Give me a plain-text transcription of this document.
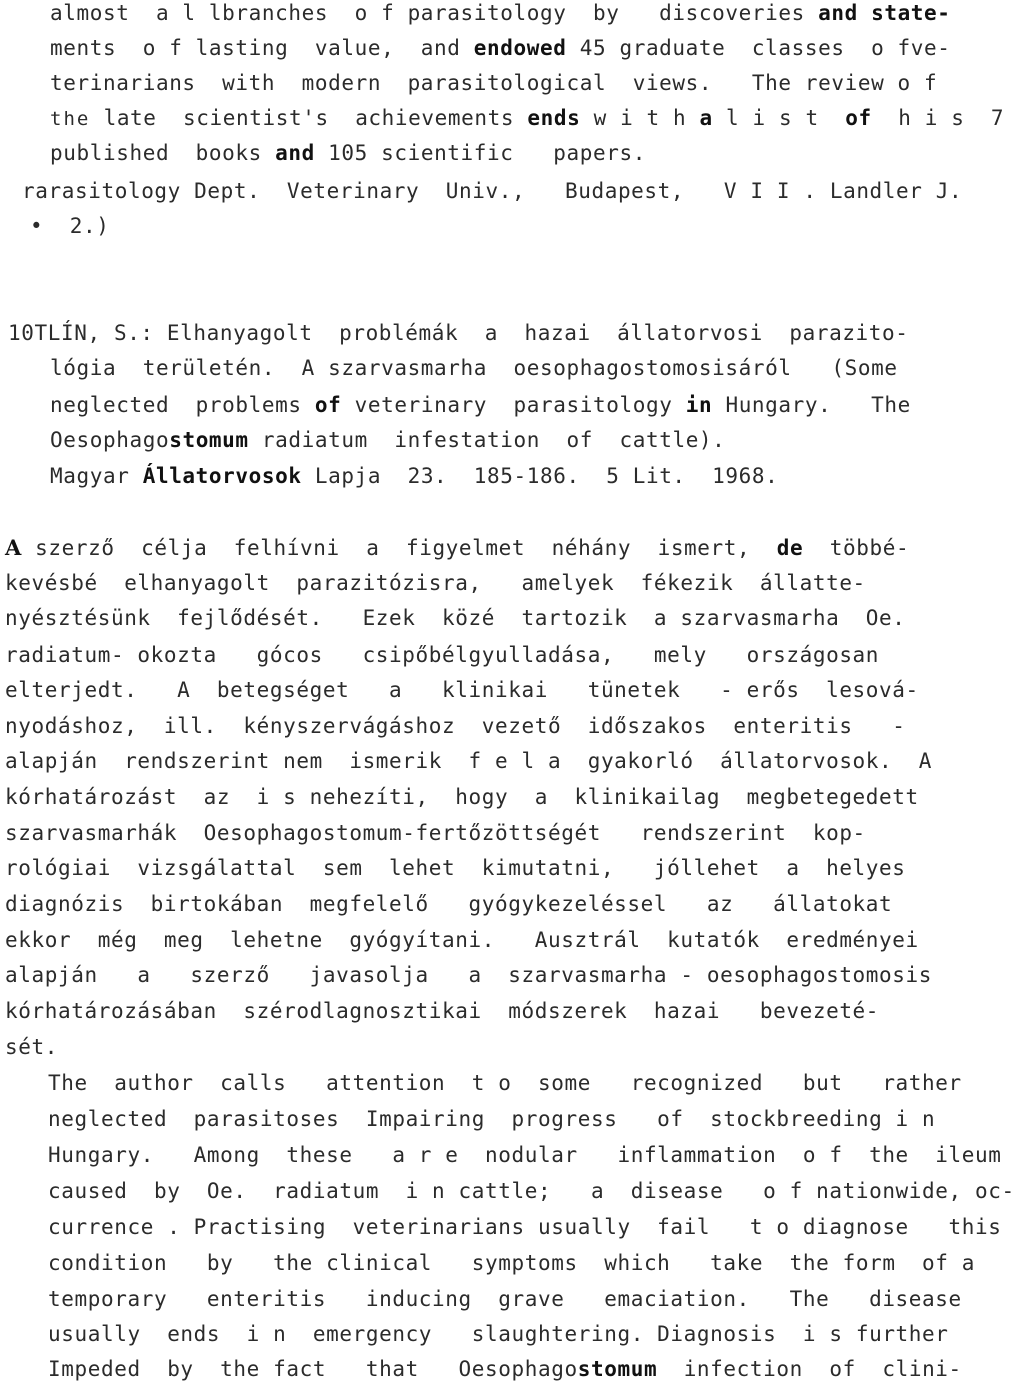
almost  a l lbranches  o f parasitology  by   discoveries and state-
ments  o f lasting  value,  and endowed 45 graduate  classes  o fve-
terinarians  with  modern  parasitological  views.   The review o f
the late  scientist's  achievements ends w i t h a l i s t  of  h i s  7
published  books and 105 scientific   papers.
rarasitology Dept.  Veterinary  Univ.,   Budapest,   V I I . Landler J.
•  2.)
10TLÍN, S.: Elhanyagolt  problémák  a  hazai  állatorvosi  parazito-
lógia  területén.  A szarvasmarha  oesophagostomosisáról   (Some
neglected  problems of veterinary  parasitology in Hungary.   The
Oesophagostomum radiatum  infestation  of  cattle).
Magyar Állatorvosok Lapja  23.  185-186.  5 Lit.  1968.
A szerző  célja  felhívni  a  figyelmet  néhány  ismert,  de  többé-
kevésbé  elhanyagolt  parazitózisra,   amelyek  fékezik  állatte-
nyésztésünk  fejlődését.   Ezek  közé  tartozik  a szarvasmarha  Oe.
radiatum- okozta   gócos   csipőbélgyulladása,   mely   országosan
elterjedt.   A  betegséget   a   klinikai   tünetek   - erős  lesová-
nyodáshoz,  ill.  kényszervágáshoz  vezető  időszakos  enteritis   -
alapján  rendszerint nem  ismerik  f e l a  gyakorló  állatorvosok.  A
kórhatározást  az  i s nehezíti,  hogy  a  klinikailag  megbetegedett
szarvasmarhák  Oesophagostomum-fertőzöttségét   rendszerint  kop-
rológiai  vizsgálattal  sem  lehet  kimutatni,   jóllehet  a  helyes
diagnózis  birtokában  megfelelő   gyógykezeléssel   az   állatokat
ekkor  még  meg  lehetne  gyógyítani.   Ausztrál  kutatók  eredményei
alapján   a   szerző   javasolja   a  szarvasmarha - oesophagostomosis
kórhatározásában  szérodlagnosztikai  módszerek  hazai   bevezeté-
sét.
The  author  calls   attention  t o  some   recognized   but   rather
neglected  parasitoses  Impairing  progress   of  stockbreeding i n
Hungary.   Among  these   a r e  nodular   inflammation  o f  the  ileum
caused  by  Oe.  radiatum  i n cattle;   a  disease   o f nationwide, oc-
currence . Practising  veterinarians usually  fail   t o diagnose   this
condition   by   the clinical   symptoms  which   take  the form  of a
temporary   enteritis   inducing  grave   emaciation.   The   disease
usually  ends  i n  emergency   slaughtering. Diagnosis  i s further
Impeded  by  the fact   that   Oesophagostomum  infection  of  clini-
